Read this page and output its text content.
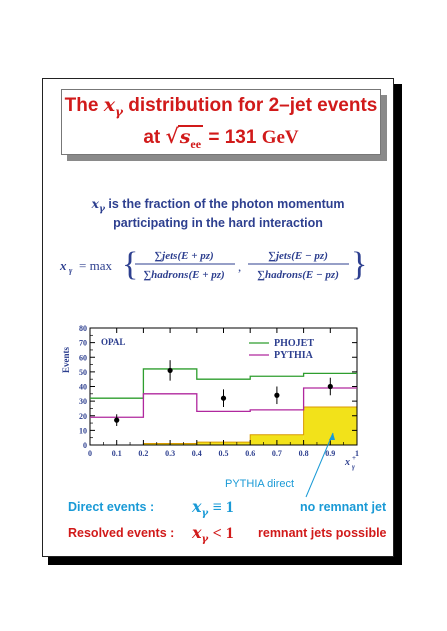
The $x_\gamma$ distribution for 2–jet events
at $√s_{ee} = 131$ GeV
$x_\gamma$ is the fraction of the photon momentum
participating in the hard interaction
x γ = max { ∑jets(E + pz)
∑hadrons(E + pz)
,
∑jets(E − pz)
∑hadrons(E − pz) }
0 0.1 0.2 0.3 0.4 0.5 0.6 0.7 0.8 0.9 1
0
10
20
30
40
50
60
70
80
OPAL	PHOJET
PYTHIA
Events
x γ
+
PYTHIA direct
Direct events : $x_\gamma \equiv 1$	no remnant jet
Resolved events : $x_\gamma < 1$ remnant jets possible
